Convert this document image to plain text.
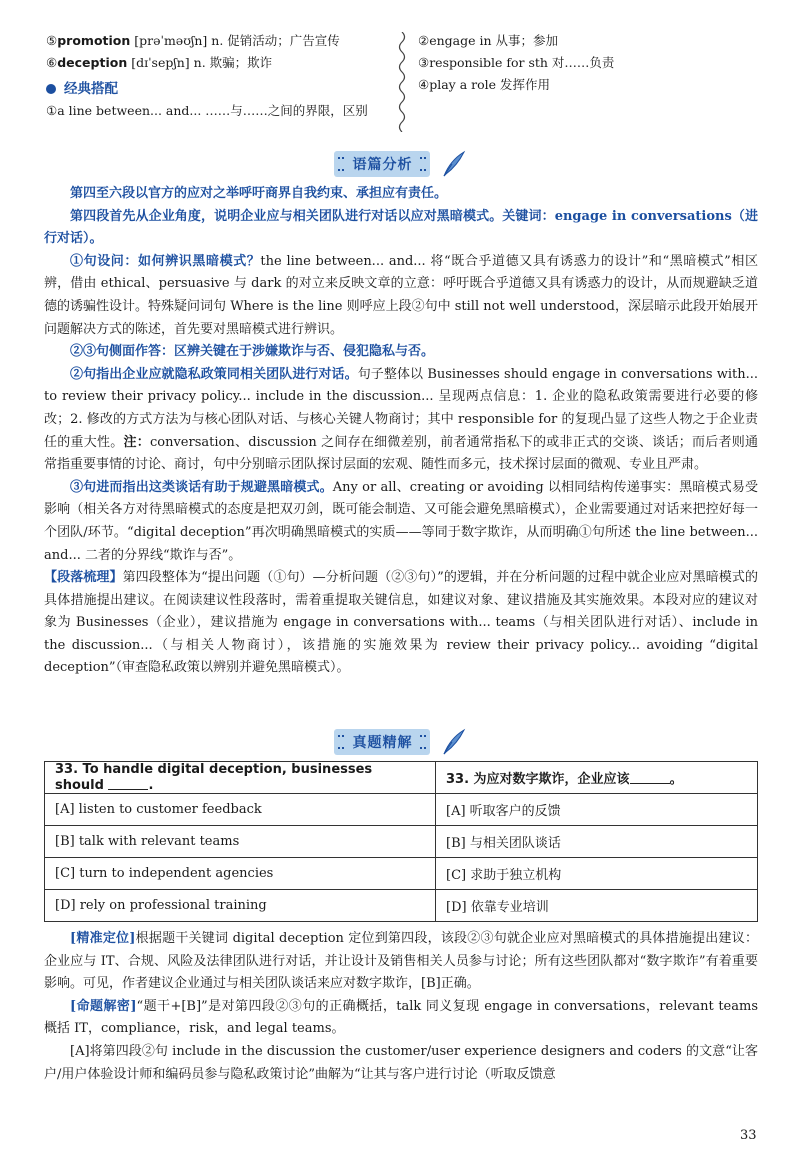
⑤promotion [prəˈməʊʃn] n. 促销活动；广告宣传
⑥deception [dɪˈsepʃn] n. 欺骗；欺诈
经典搭配
①a line between... and... ……与……之间的界限，区别
②engage in 从事；参加
③responsible for sth 对……负责
④play a role 发挥作用
语篇分析

第四至六段以官方的应对之举呼吁商界自我约束、承担应有责任。

第四段首先从企业角度，说明企业应与相关团队进行对话以应对黑暗模式。关键词：engage in conversations（进行对话）。

①句设问：如何辨识黑暗模式？the line between... and... 将“既合乎道德又具有诱惑力的设计”和“黑暗模式”相区辨，借由 ethical、persuasive 与 dark 的对立来反映文章的立意：呼吁既合乎道德又具有诱惑力的设计，从而规避缺乏道德的诱骗性设计。特殊疑问词句 Where is the line 则呼应上段②句中 still not well understood，深层暗示此段开始展开问题解决方式的陈述，首先要对黑暗模式进行辨识。

②③句侧面作答：区辨关键在于涉嫌欺诈与否、侵犯隐私与否。

②句指出企业应就隐私政策同相关团队进行对话。句子整体以 Businesses should engage in conversations with... to review their privacy policy... include in the discussion... 呈现两点信息：1. 企业的隐私政策需要进行必要的修改；2. 修改的方式方法为与核心团队对话、与核心关键人物商讨；其中 responsible for 的复现凸显了这些人物之于企业责任的重大性。注：conversation、discussion 之间存在细微差别，前者通常指私下的或非正式的交谈、谈话；而后者则通常指重要事情的讨论、商讨，句中分别暗示团队探讨层面的宏观、随性而多元，技术探讨层面的微观、专业且严肃。

③句进而指出这类谈话有助于规避黑暗模式。Any or all、creating or avoiding 以相同结构传递事实：黑暗模式易受影响（相关各方对待黑暗模式的态度是把双刃剑，既可能会制造、又可能会避免黑暗模式），企业需要通过对话来把控好每一个团队/环节。“digital deception”再次明确黑暗模式的实质——等同于数字欺诈，从而明确①句所述 the line between... and... 二者的分界线“欺诈与否”。

【段落梳理】第四段整体为“提出问题（①句）—分析问题（②③句）”的逻辑，并在分析问题的过程中就企业应对黑暗模式的具体措施提出建议。在阅读建议性段落时，需着重提取关键信息，如建议对象、建议措施及其实施效果。本段对应的建议对象为 Businesses（企业），建议措施为 engage in conversations with... teams（与相关团队进行对话）、include in the discussion...（与相关人物商讨），该措施的实施效果为 review their privacy policy... avoiding “digital deception”（审查隐私政策以辨别并避免黑暗模式）。

真题精解
33. To handle digital deception, businesses should .	33. 为应对数字欺诈，企业应该 。
[A] listen to customer feedback	[A] 听取客户的反馈
[B] talk with relevant teams	[B] 与相关团队谈话
[C] turn to independent agencies	[C] 求助于独立机构
[D] rely on professional training	[D] 依靠专业培训

[精准定位]根据题干关键词 digital deception 定位到第四段，该段②③句就企业应对黑暗模式的具体措施提出建议：企业应与 IT、合规、风险及法律团队进行对话，并让设计及销售相关人员参与讨论；所有这些团队都对“数字欺诈”有着重要影响。可见，作者建议企业通过与相关团队谈话来应对数字欺诈，[B]正确。

[命题解密]“题干+[B]”是对第四段②③句的正确概括，talk 同义复现 engage in conversations，relevant teams 概括 IT，compliance，risk，and legal teams。

[A]将第四段②句 include in the discussion the customer/user experience designers and coders 的文意“让客户/用户体验设计师和编码员参与隐私政策讨论”曲解为“让其与客户进行讨论（听取反馈意

33
